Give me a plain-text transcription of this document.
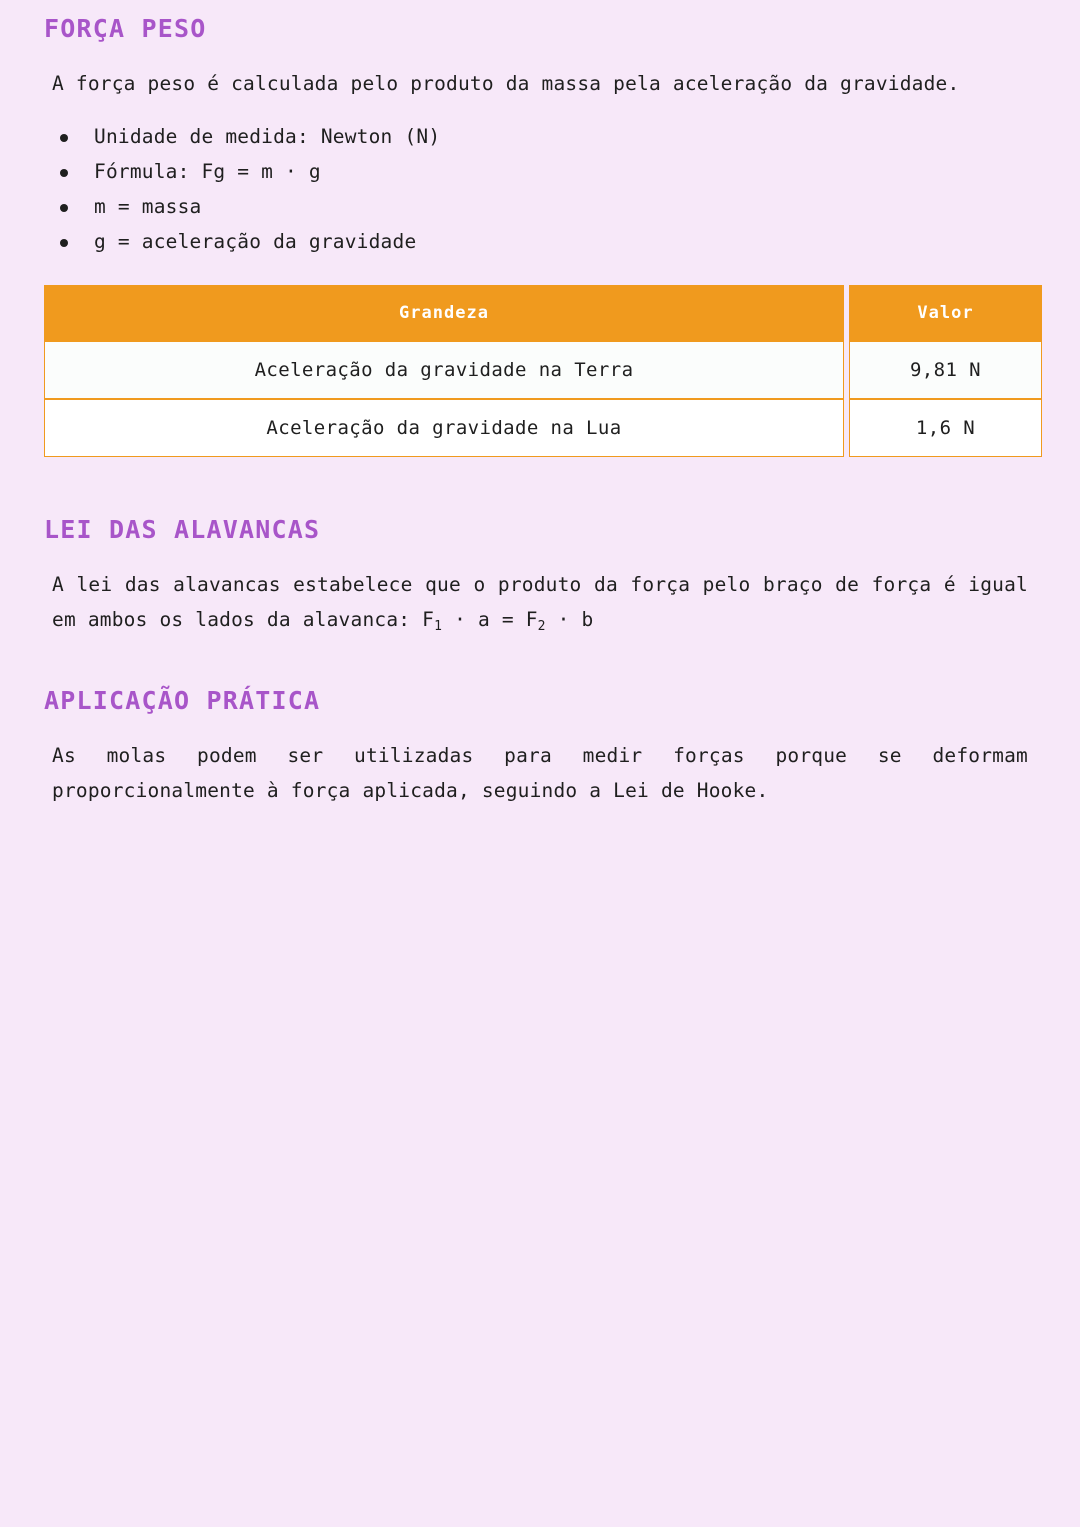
FORÇA PESO

A força peso é calculada pelo produto da massa pela aceleração da gravidade.

Unidade de medida: Newton (N)
Fórmula: Fg = m · g
m = massa
g = aceleração da gravidade
Grandeza	Valor
Aceleração da gravidade na Terra	9,81 N
Aceleração da gravidade na Lua	1,6 N
LEI DAS ALAVANCAS

A lei das alavancas estabelece que o produto da força pelo braço de força é igual em ambos os lados da alavanca: $F_1 \cdot a = F_2 \cdot b$

APLICAÇÃO PRÁTICA

As molas podem ser utilizadas para medir forças porque se deformam proporcionalmente à força aplicada, seguindo a Lei de Hooke.
